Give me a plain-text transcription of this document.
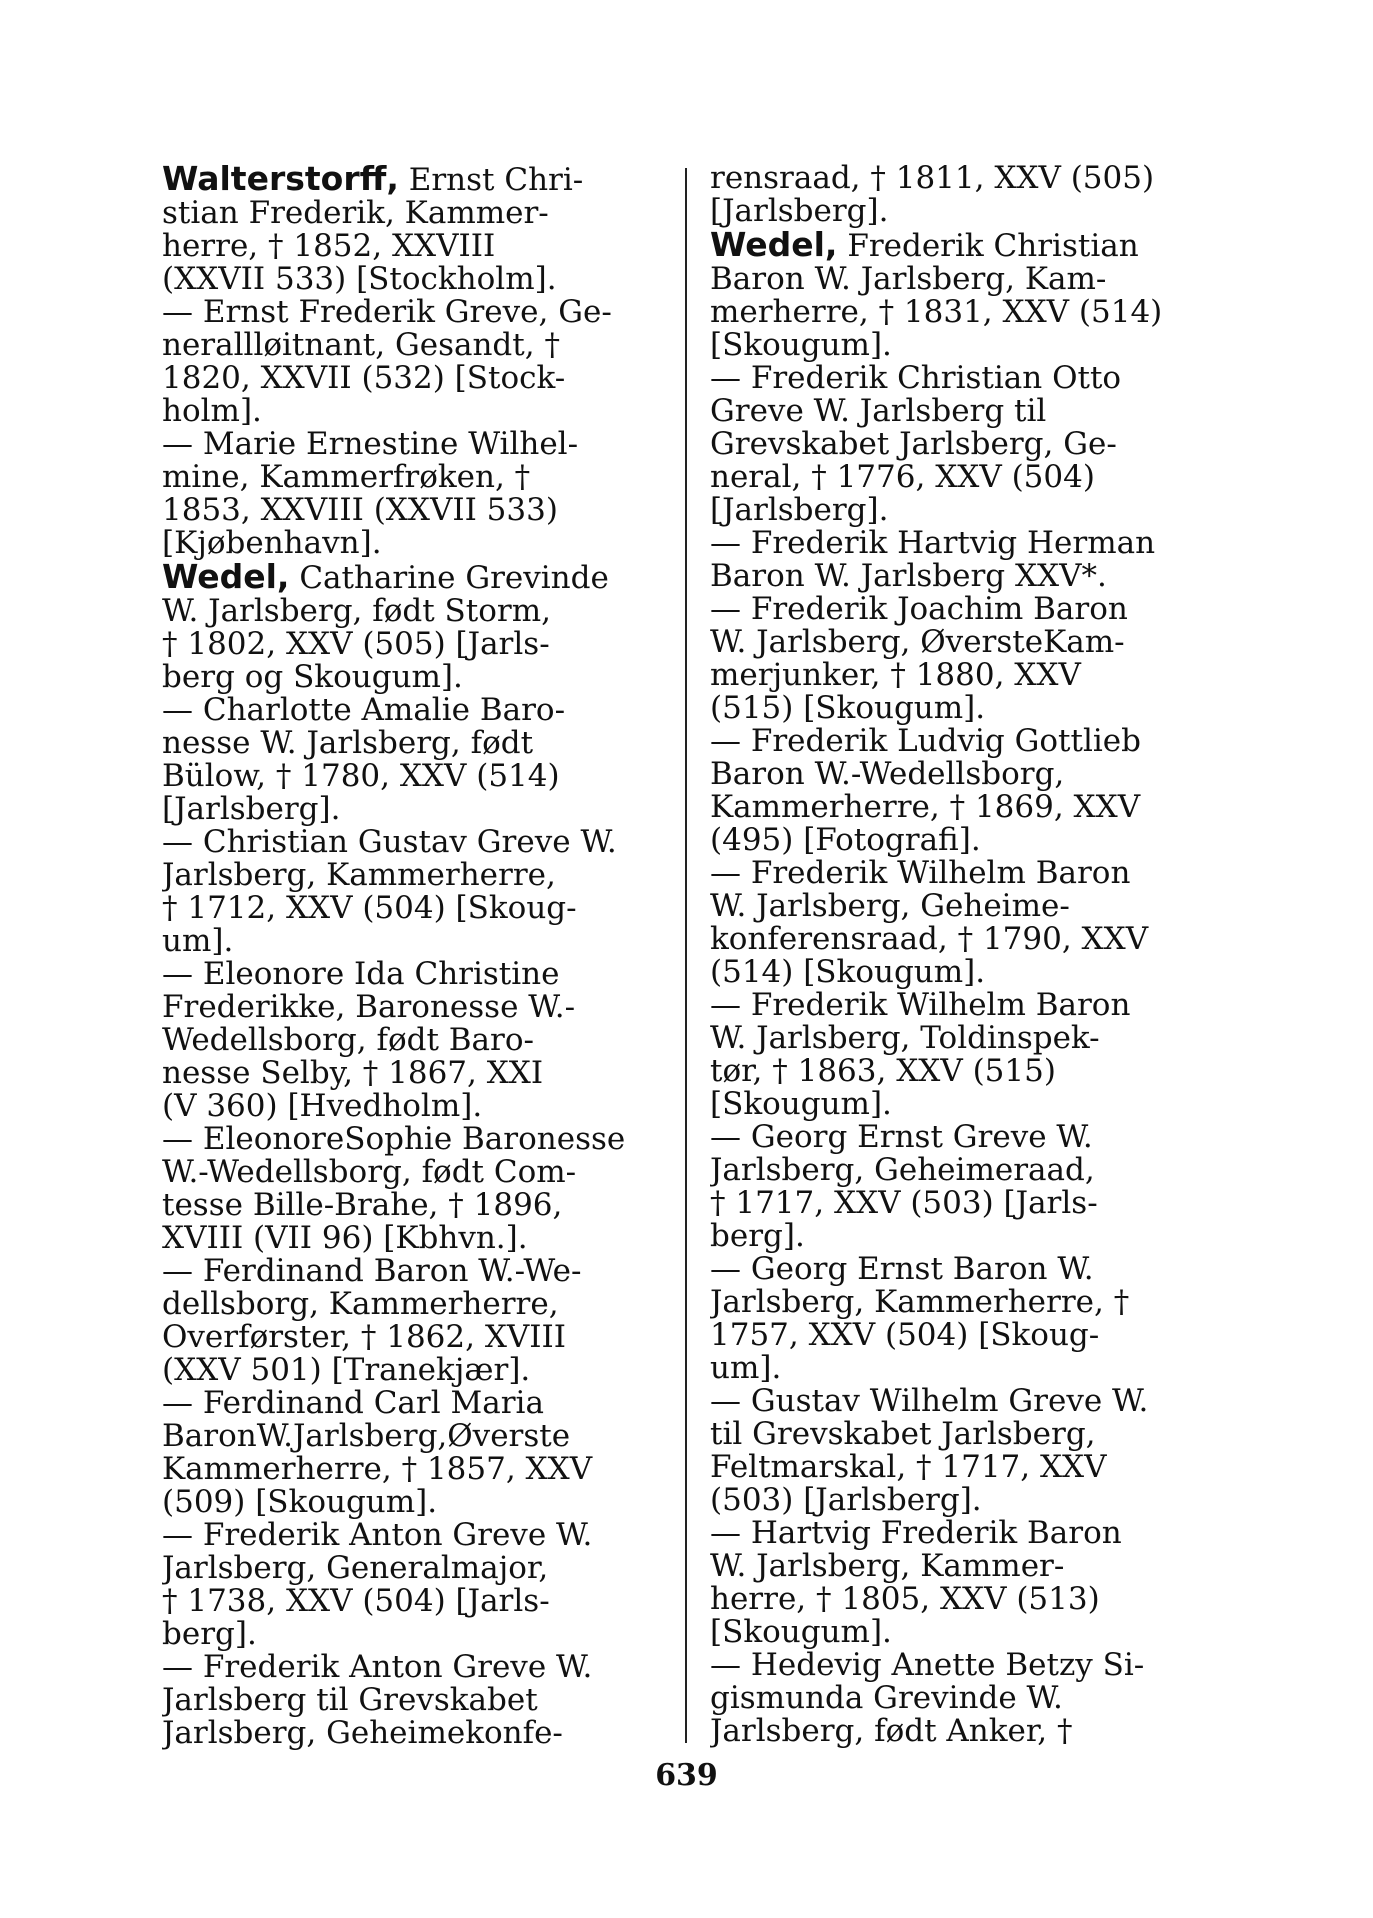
Walterstorff, Ernst Chri-
stian Frederik, Kammer-
herre, † 1852, XXVIII
(XXVII 533) [Stockholm].
— Ernst Frederik Greve, Ge-
nerallløitnant, Gesandt, †
1820, XXVII (532) [Stock-
holm].
— Marie Ernestine Wilhel-
mine, Kammerfrøken, †
1853, XXVIII (XXVII 533)
[Kjøbenhavn].
Wedel, Catharine Grevinde
W. Jarlsberg, født Storm,
† 1802, XXV (505) [Jarls-
berg og Skougum].
— Charlotte Amalie Baro-
nesse W. Jarlsberg, født
Bülow, † 1780, XXV (514)
[Jarlsberg].
— Christian Gustav Greve W.
Jarlsberg, Kammerherre,
† 1712, XXV (504) [Skoug-
um].
— Eleonore Ida Christine
Frederikke, Baronesse W.-
Wedellsborg, født Baro-
nesse Selby, † 1867, XXI
(V 360) [Hvedholm].
— EleonoreSophie Baronesse
W.-Wedellsborg, født Com-
tesse Bille-Brahe, † 1896,
XVIII (VII 96) [Kbhvn.].
— Ferdinand Baron W.-We-
dellsborg, Kammerherre,
Overførster, † 1862, XVIII
(XXV 501) [Tranekjær].
— Ferdinand Carl Maria
BaronW.Jarlsberg,Øverste
Kammerherre, † 1857, XXV
(509) [Skougum].
— Frederik Anton Greve W.
Jarlsberg, Generalmajor,
† 1738, XXV (504) [Jarls-
berg].
— Frederik Anton Greve W.
Jarlsberg til Grevskabet
Jarlsberg, Geheimekonfe-
rensraad, † 1811, XXV (505)
[Jarlsberg].
Wedel, Frederik Christian
Baron W. Jarlsberg, Kam-
merherre, † 1831, XXV (514)
[Skougum].
— Frederik Christian Otto
Greve W. Jarlsberg til
Grevskabet Jarlsberg, Ge-
neral, † 1776, XXV (504)
[Jarlsberg].
— Frederik Hartvig Herman
Baron W. Jarlsberg XXV*.
— Frederik Joachim Baron
W. Jarlsberg, ØversteKam-
merjunker, † 1880, XXV
(515) [Skougum].
— Frederik Ludvig Gottlieb
Baron W.-Wedellsborg,
Kammerherre, † 1869, XXV
(495) [Fotografi].
— Frederik Wilhelm Baron
W. Jarlsberg, Geheime-
konferensraad, † 1790, XXV
(514) [Skougum].
— Frederik Wilhelm Baron
W. Jarlsberg, Toldinspek-
tør, † 1863, XXV (515)
[Skougum].
— Georg Ernst Greve W.
Jarlsberg, Geheimeraad,
† 1717, XXV (503) [Jarls-
berg].
— Georg Ernst Baron W.
Jarlsberg, Kammerherre, †
1757, XXV (504) [Skoug-
um].
— Gustav Wilhelm Greve W.
til Grevskabet Jarlsberg,
Feltmarskal, † 1717, XXV
(503) [Jarlsberg].
— Hartvig Frederik Baron
W. Jarlsberg, Kammer-
herre, † 1805, XXV (513)
[Skougum].
— Hedevig Anette Betzy Si-
gismunda Grevinde W.
Jarlsberg, født Anker, †
639
